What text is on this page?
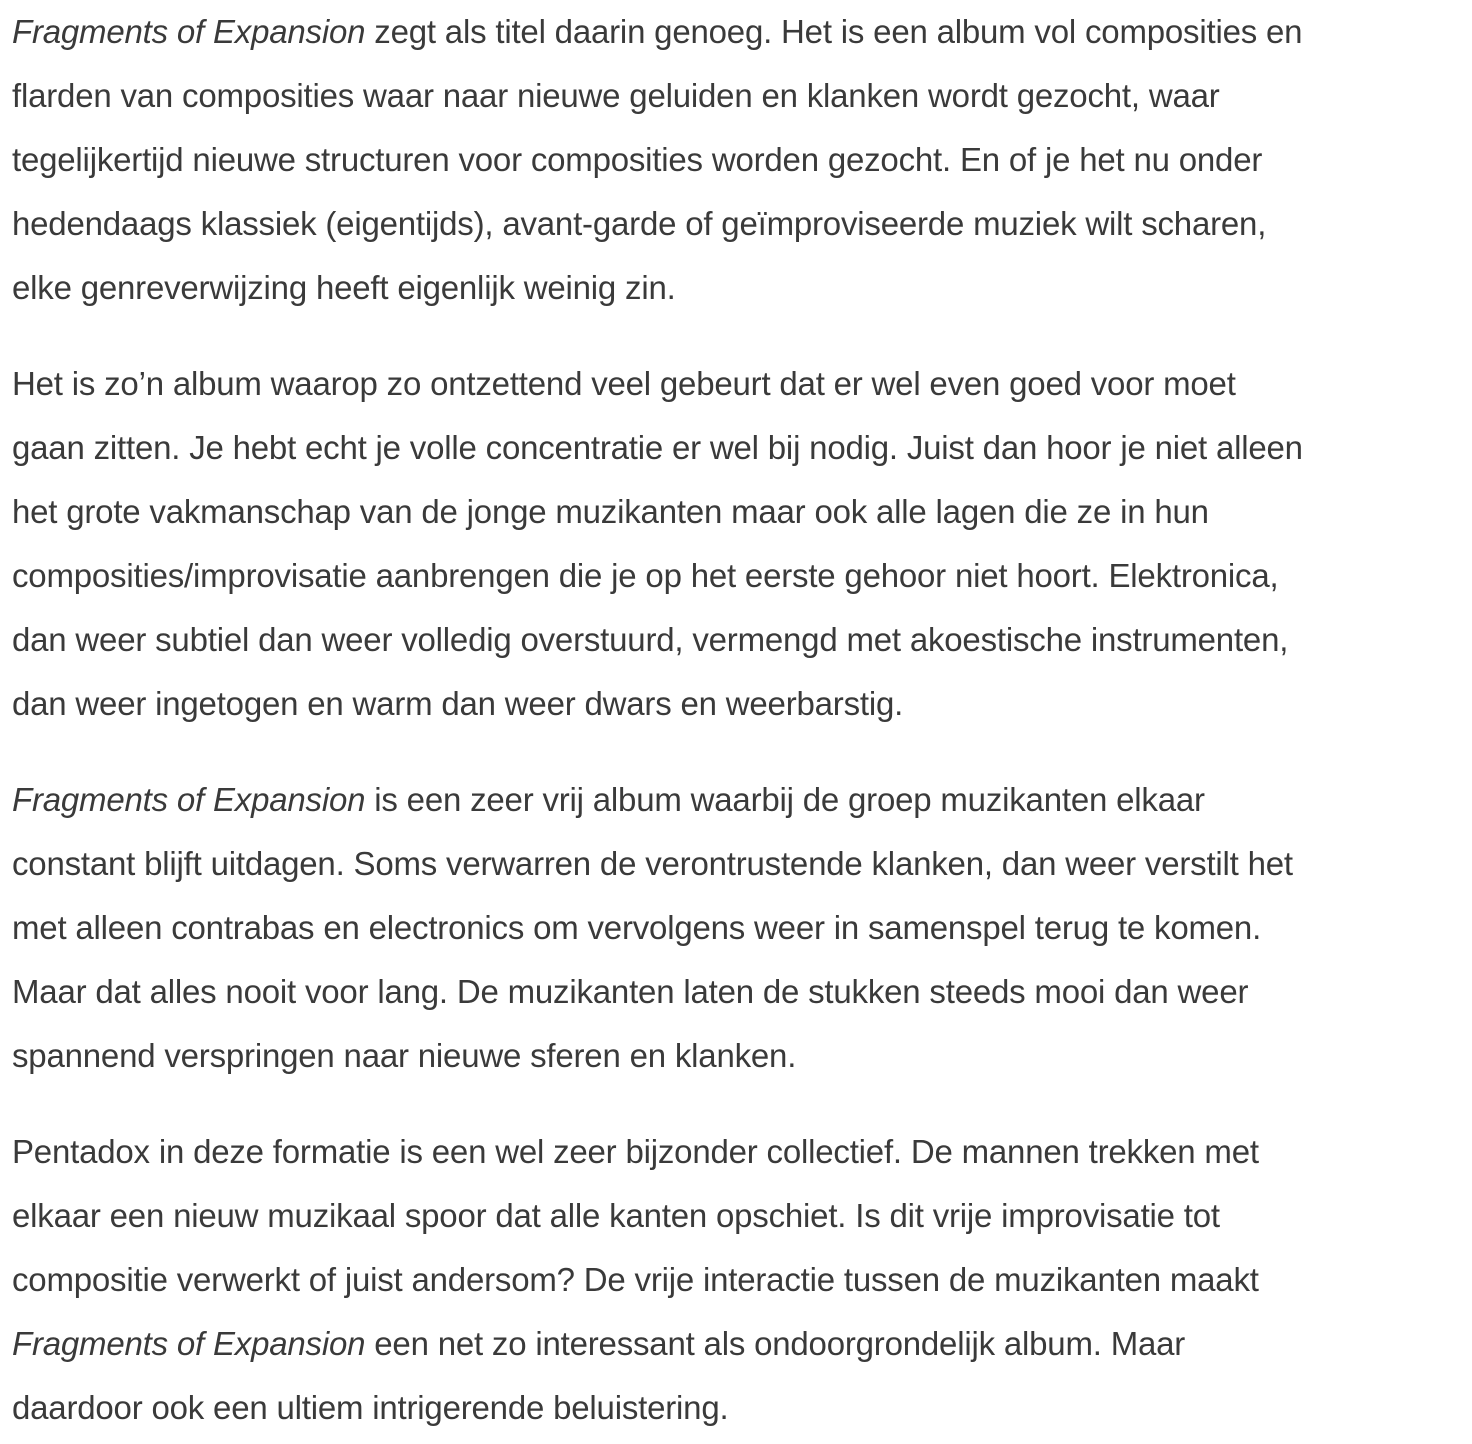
Fragments of Expansion zegt als titel daarin genoeg. Het is een album vol composities en
flarden van composities waar naar nieuwe geluiden en klanken wordt gezocht, waar
tegelijkertijd nieuwe structuren voor composities worden gezocht. En of je het nu onder
hedendaags klassiek (eigentijds), avant-garde of geïmproviseerde muziek wilt scharen,
elke genreverwijzing heeft eigenlijk weinig zin.
Het is zo’n album waarop zo ontzettend veel gebeurt dat er wel even goed voor moet
gaan zitten. Je hebt echt je volle concentratie er wel bij nodig. Juist dan hoor je niet alleen
het grote vakmanschap van de jonge muzikanten maar ook alle lagen die ze in hun
composities/improvisatie aanbrengen die je op het eerste gehoor niet hoort. Elektronica,
dan weer subtiel dan weer volledig overstuurd, vermengd met akoestische instrumenten,
dan weer ingetogen en warm dan weer dwars en weerbarstig.
Fragments of Expansion is een zeer vrij album waarbij de groep muzikanten elkaar
constant blijft uitdagen. Soms verwarren de verontrustende klanken, dan weer verstilt het
met alleen contrabas en electronics om vervolgens weer in samenspel terug te komen.
Maar dat alles nooit voor lang. De muzikanten laten de stukken steeds mooi dan weer
spannend verspringen naar nieuwe sferen en klanken.
Pentadox in deze formatie is een wel zeer bijzonder collectief. De mannen trekken met
elkaar een nieuw muzikaal spoor dat alle kanten opschiet. Is dit vrije improvisatie tot
compositie verwerkt of juist andersom? De vrije interactie tussen de muzikanten maakt
Fragments of Expansion een net zo interessant als ondoorgrondelijk album. Maar
daardoor ook een ultiem intrigerende beluistering.
